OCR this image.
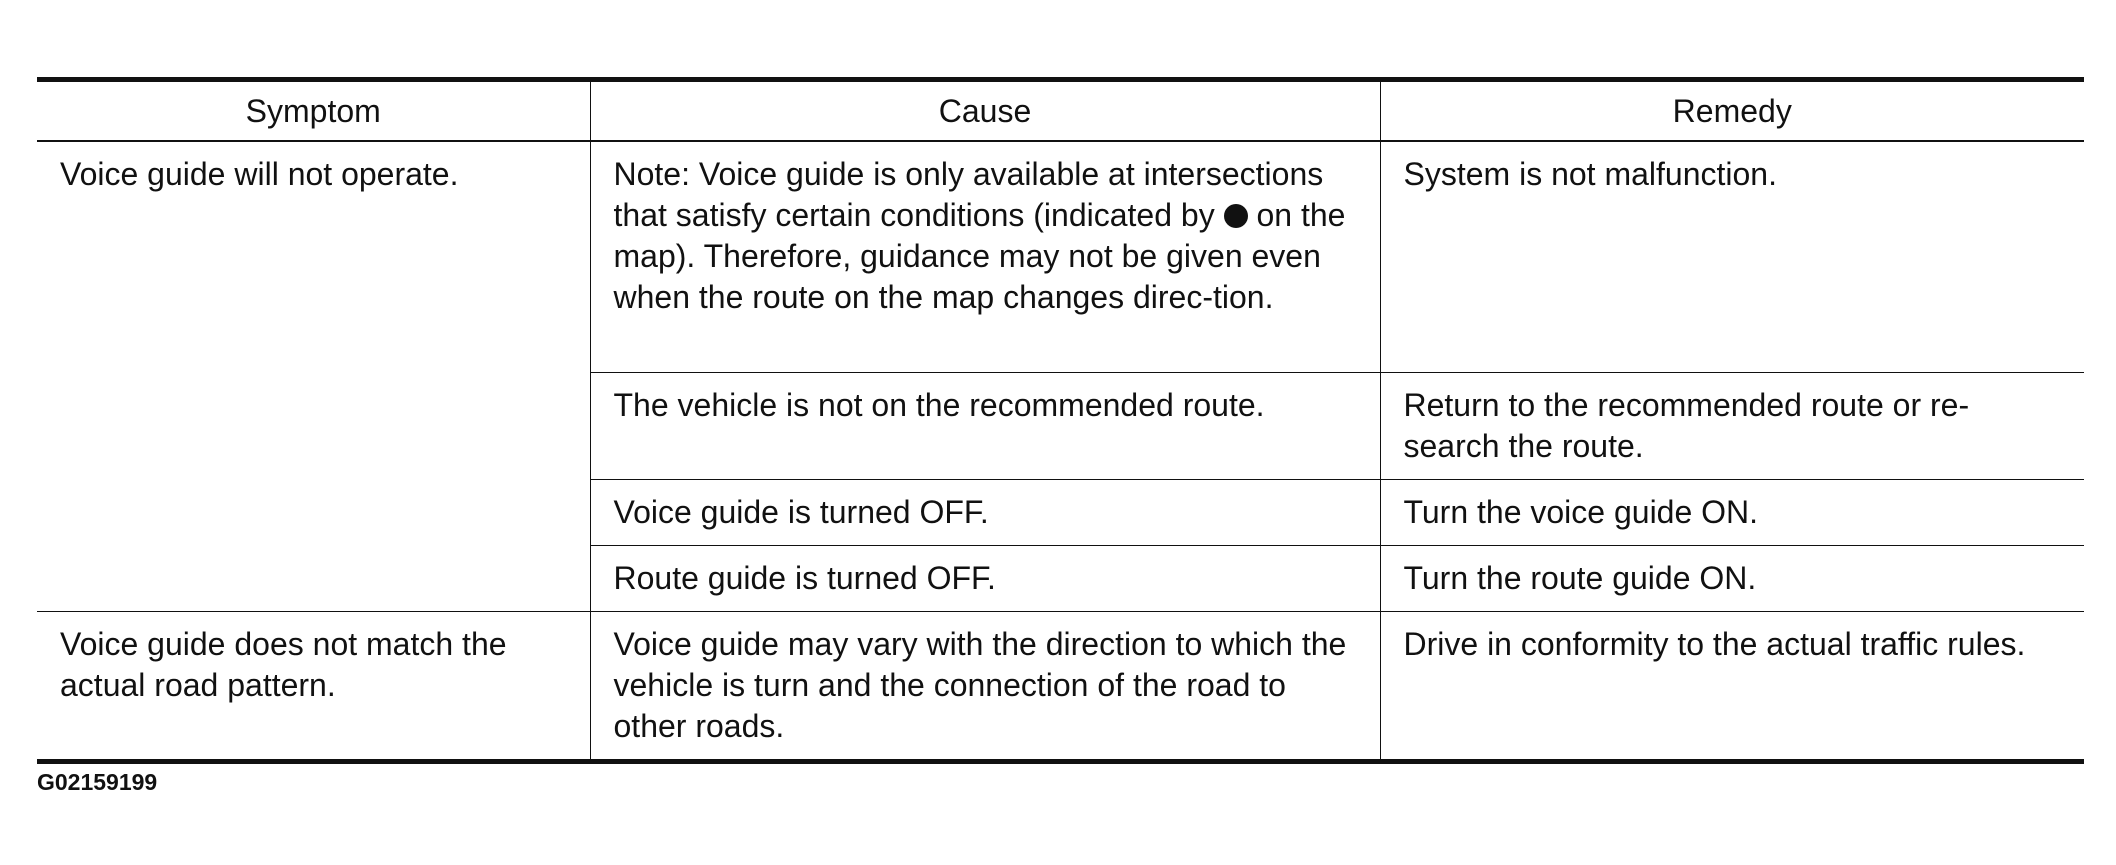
Symptom	Cause	Remedy
Voice guide will not operate.	Note: Voice guide is only available at intersections that satisfy certain conditions (indicated by on the map). Therefore, guidance may not be given even when the route on the map changes direc-tion.	System is not malfunction.
	The vehicle is not on the recommended route.	Return to the recommended route or re-search the route.
	Voice guide is turned OFF.	Turn the voice guide ON.
	Route guide is turned OFF.	Turn the route guide ON.
Voice guide does not match the actual road pattern.	Voice guide may vary with the direction to which the vehicle is turn and the connection of the road to other roads.	Drive in conformity to the actual traffic rules.
G02159199
